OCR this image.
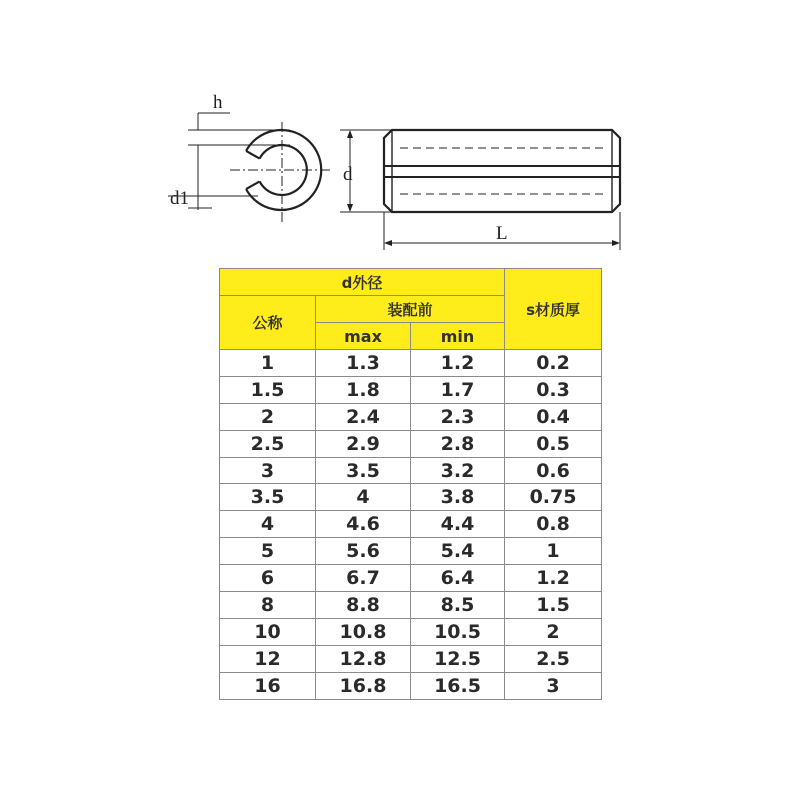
h
d1
d
L
d外径			s材质厚
公称	装配前		
	max	min	
1	1.3	1.2	0.2
1.5	1.8	1.7	0.3
2	2.4	2.3	0.4
2.5	2.9	2.8	0.5
3	3.5	3.2	0.6
3.5	4	3.8	0.75
4	4.6	4.4	0.8
5	5.6	5.4	1
6	6.7	6.4	1.2
8	8.8	8.5	1.5
10	10.8	10.5	2
12	12.8	12.5	2.5
16	16.8	16.5	3
